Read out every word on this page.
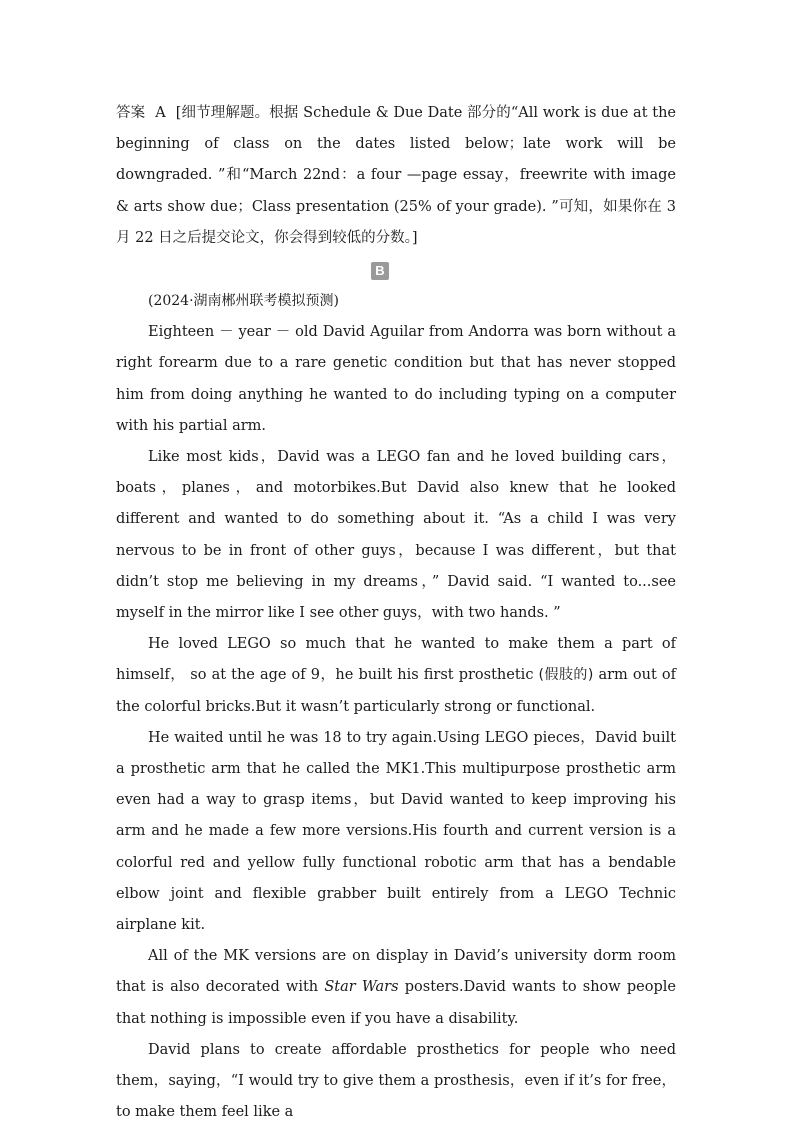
答案 A [细节理解题。根据 Schedule & Due Date 部分的“All work is due at the beginning of class on the dates listed below；late work will be downgraded. ”和“March 22nd：a four —page essay，freewrite with image & arts show due；Class presentation (25% of your grade). ”可知，如果你在 3 月 22 日之后提交论文，你会得到较低的分数。]

B

(2024·湖南郴州联考模拟预测)

Eighteen － year － old David Aguilar from Andorra was born without a right forearm due to a rare genetic condition but that has never stopped him from doing anything he wanted to do including typing on a computer with his partial arm.

Like most kids，David was a LEGO fan and he loved building cars，boats，planes，and motorbikes.But David also knew that he looked different and wanted to do something about it. “As a child I was very nervous to be in front of other guys，because I was different，but that didn’t stop me believing in my dreams，” David said. “I wanted to...see myself in the mirror like I see other guys，with two hands. ”

He loved LEGO so much that he wanted to make them a part of himself， so at the age of 9，he built his first prosthetic (假肢的) arm out of the colorful bricks.But it wasn’t particularly strong or functional.

He waited until he was 18 to try again.Using LEGO pieces，David built a prosthetic arm that he called the MK1.This multipurpose prosthetic arm even had a way to grasp items，but David wanted to keep improving his arm and he made a few more versions.His fourth and current version is a colorful red and yellow fully functional robotic arm that has a bendable elbow joint and flexible grabber built entirely from a LEGO Technic airplane kit.

All of the MK versions are on display in David’s university dorm room that is also decorated with Star Wars posters.David wants to show people that nothing is impossible even if you have a disability.

David plans to create affordable prosthetics for people who need them，saying，“I would try to give them a prosthesis，even if it’s for free，to make them feel like a
